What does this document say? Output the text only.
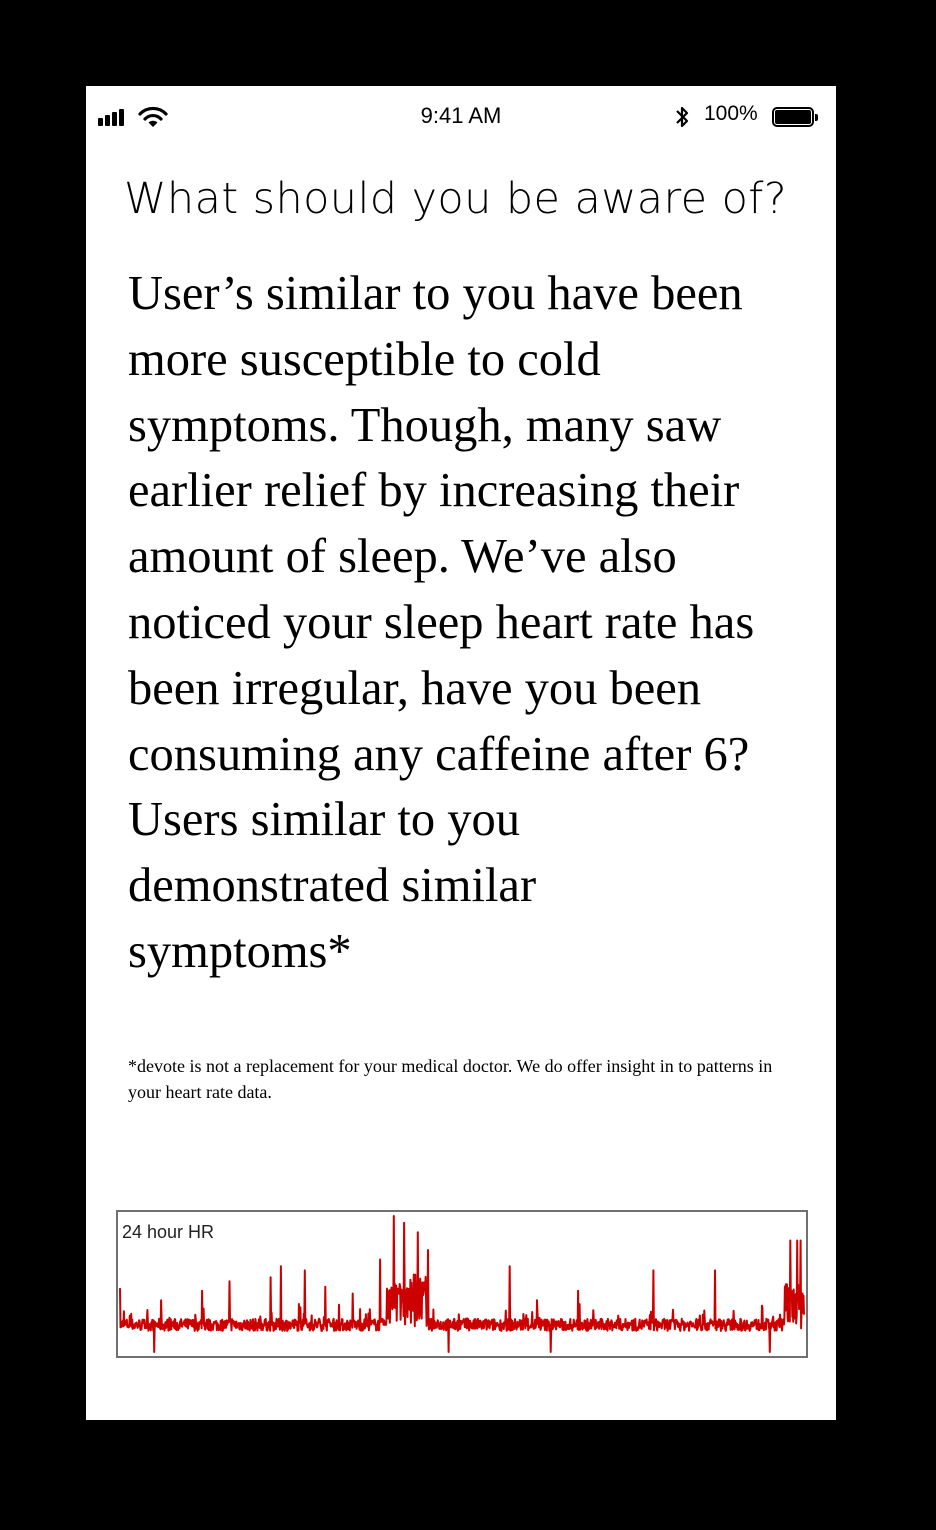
9:41 AM	100%
What should you be aware of?

User’s similar to you have been
more susceptible to cold
symptoms. Though, many saw
earlier relief by increasing their
amount of sleep. We’ve also
noticed your sleep heart rate has
been irregular, have you been
consuming any caffeine after 6?
Users similar to you
demonstrated similar
symptoms*

*devote is not a replacement for your medical doctor. We do offer insight in to patterns in your heart rate data.
24 hour HR
